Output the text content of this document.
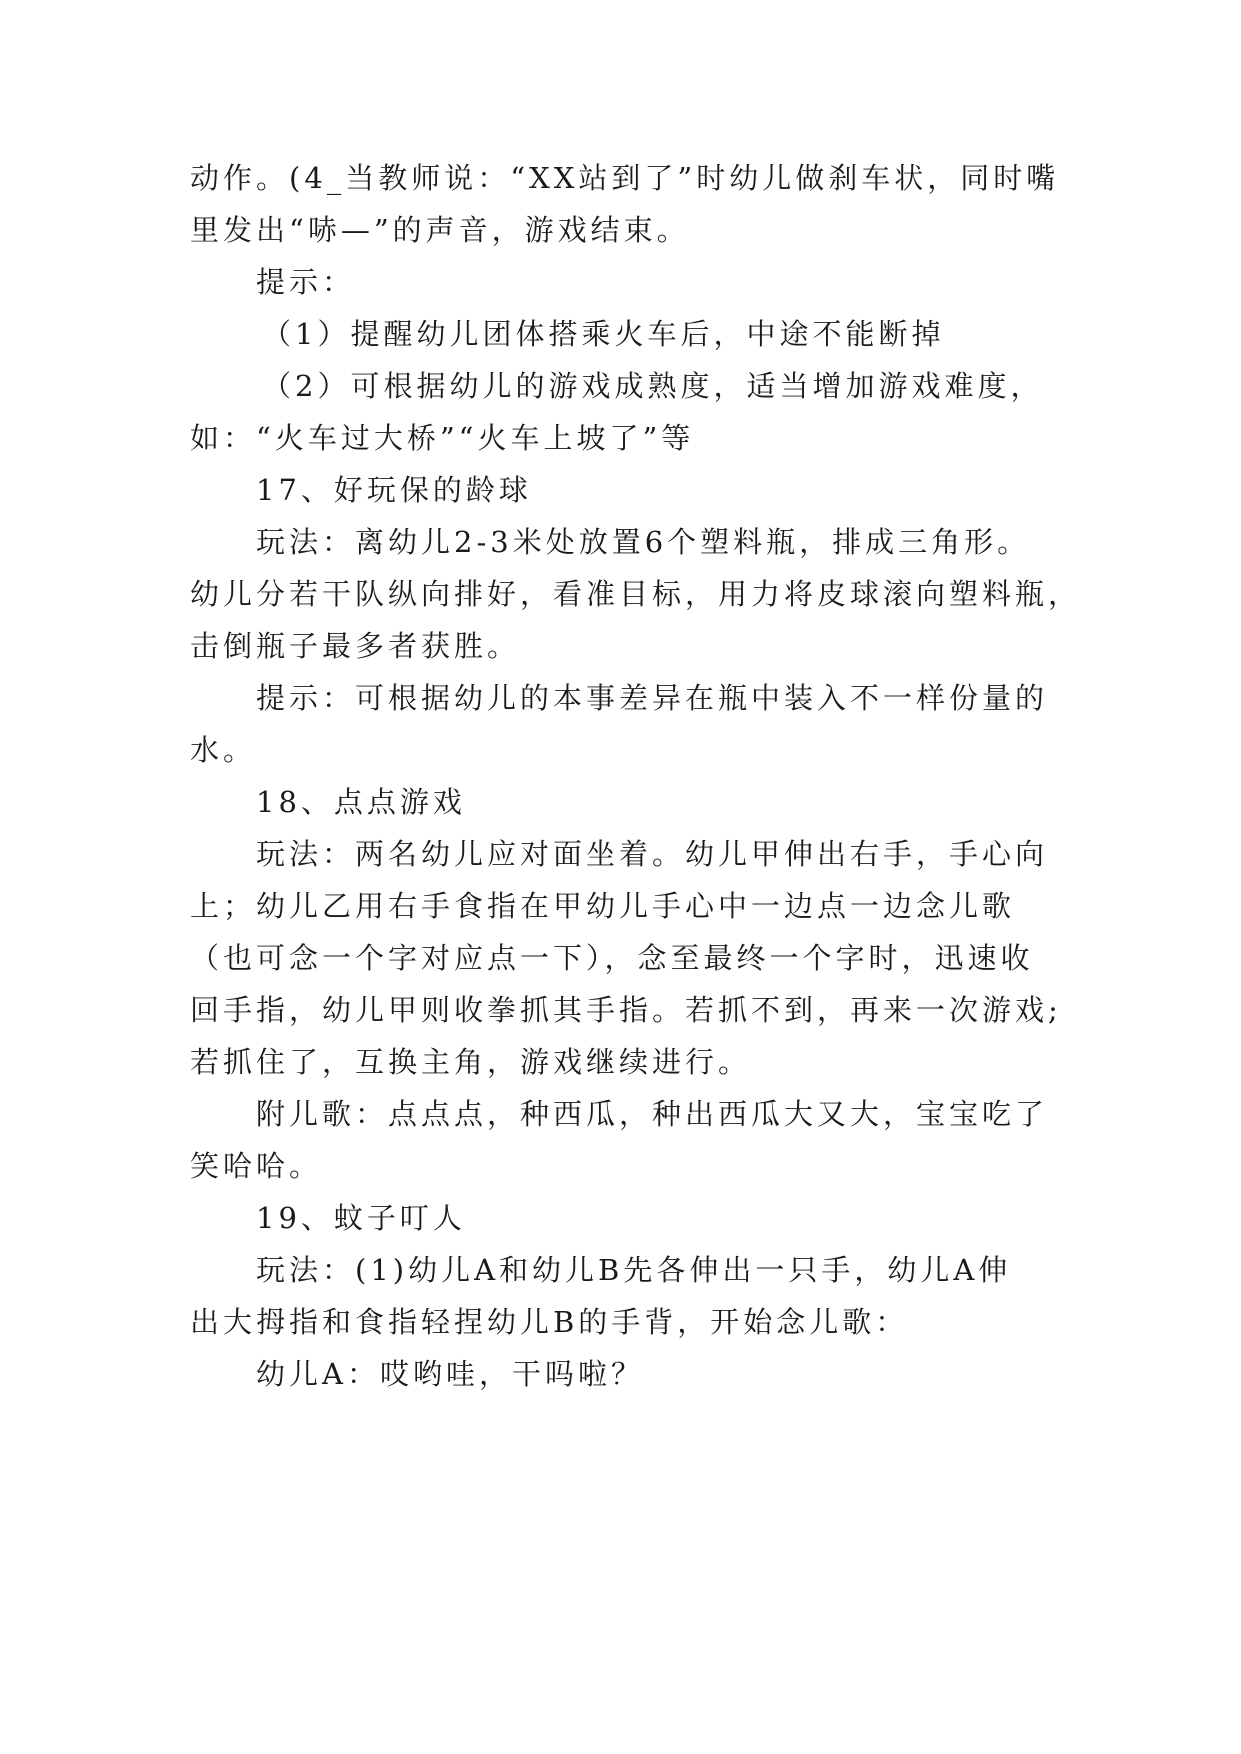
动作。(4_当教师说：“XX站到了”时幼儿做刹车状，同时嘴
里发出“哧—”的声音，游戏结束。
提示：
（1）提醒幼儿团体搭乘火车后，中途不能断掉
（2）可根据幼儿的游戏成熟度，适当增加游戏难度，
如：“火车过大桥”“火车上坡了”等
17、好玩保的龄球
玩法：离幼儿2-3米处放置6个塑料瓶，排成三角形。
幼儿分若干队纵向排好，看准目标，用力将皮球滚向塑料瓶，
击倒瓶子最多者获胜。
提示：可根据幼儿的本事差异在瓶中装入不一样份量的
水。
18、点点游戏
玩法：两名幼儿应对面坐着。幼儿甲伸出右手，手心向
上；幼儿乙用右手食指在甲幼儿手心中一边点一边念儿歌
（也可念一个字对应点一下），念至最终一个字时，迅速收
回手指，幼儿甲则收拳抓其手指。若抓不到，再来一次游戏;
若抓住了，互换主角，游戏继续进行。
附儿歌：点点点，种西瓜，种出西瓜大又大，宝宝吃了
笑哈哈。
19、蚊子叮人
玩法：(1)幼儿A和幼儿B先各伸出一只手，幼儿A伸
出大拇指和食指轻捏幼儿B的手背，开始念儿歌：
幼儿A：哎哟哇，干吗啦？
